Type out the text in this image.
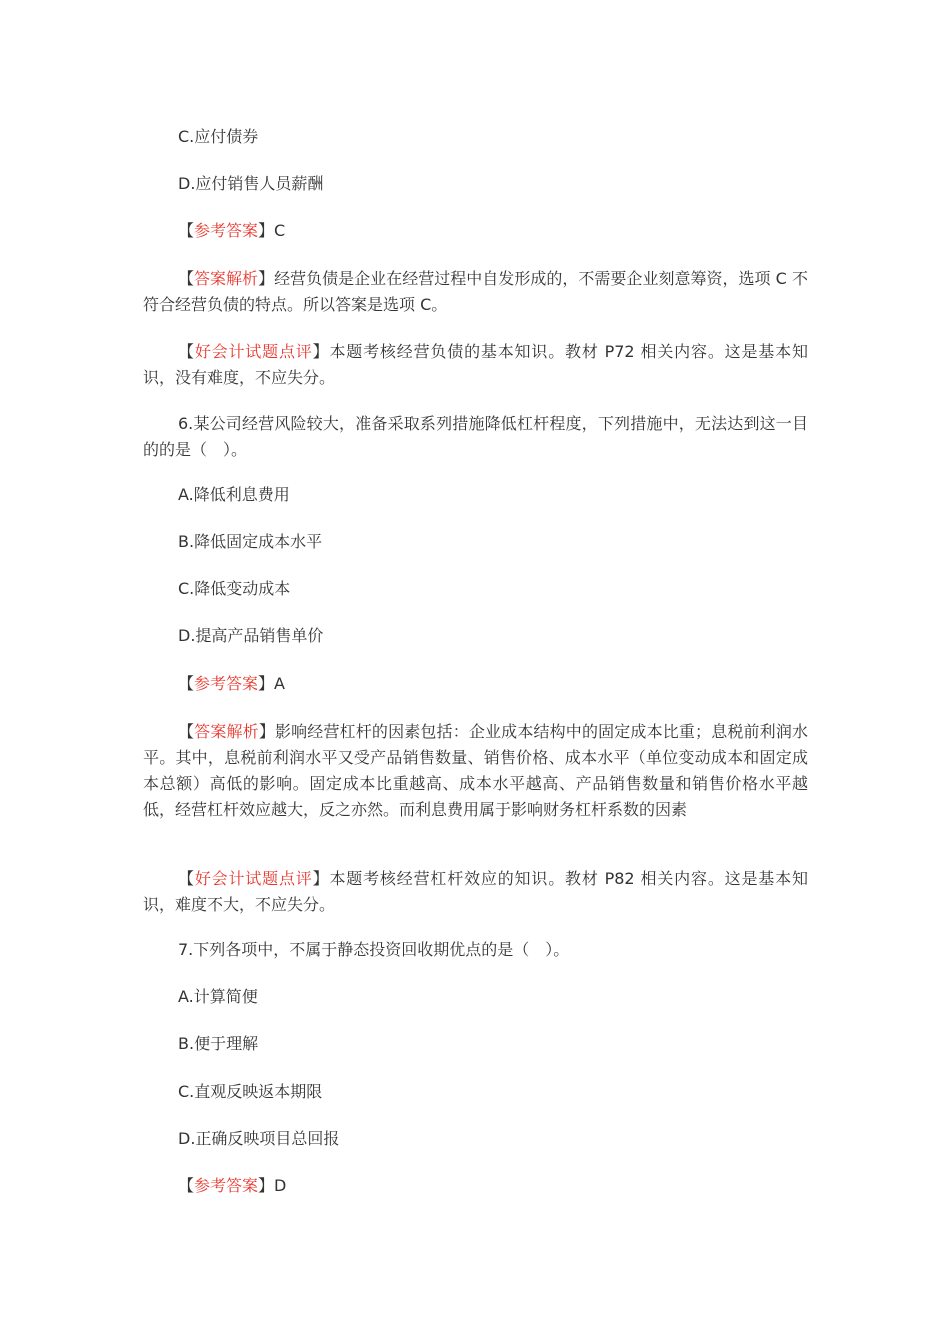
C.应付债券

D.应付销售人员薪酬

【参考答案】C

【答案解析】经营负债是企业在经营过程中自发形成的，不需要企业刻意筹资，选项 C 不符合经营负债的特点。所以答案是选项 C。

【好会计试题点评】本题考核经营负债的基本知识。教材 P72 相关内容。这是基本知识，没有难度，不应失分。

6.某公司经营风险较大，准备采取系列措施降低杠杆程度，下列措施中，无法达到这一目的的是（　）。

A.降低利息费用

B.降低固定成本水平

C.降低变动成本

D.提高产品销售单价

【参考答案】A

【答案解析】影响经营杠杆的因素包括：企业成本结构中的固定成本比重；息税前利润水平。其中，息税前利润水平又受产品销售数量、销售价格、成本水平（单位变动成本和固定成本总额）高低的影响。固定成本比重越高、成本水平越高、产品销售数量和销售价格水平越低，经营杠杆效应越大，反之亦然。而利息费用属于影响财务杠杆系数的因素

【好会计试题点评】本题考核经营杠杆效应的知识。教材 P82 相关内容。这是基本知识，难度不大，不应失分。

7.下列各项中，不属于静态投资回收期优点的是（　）。

A.计算简便

B.便于理解

C.直观反映返本期限

D.正确反映项目总回报

【参考答案】D
